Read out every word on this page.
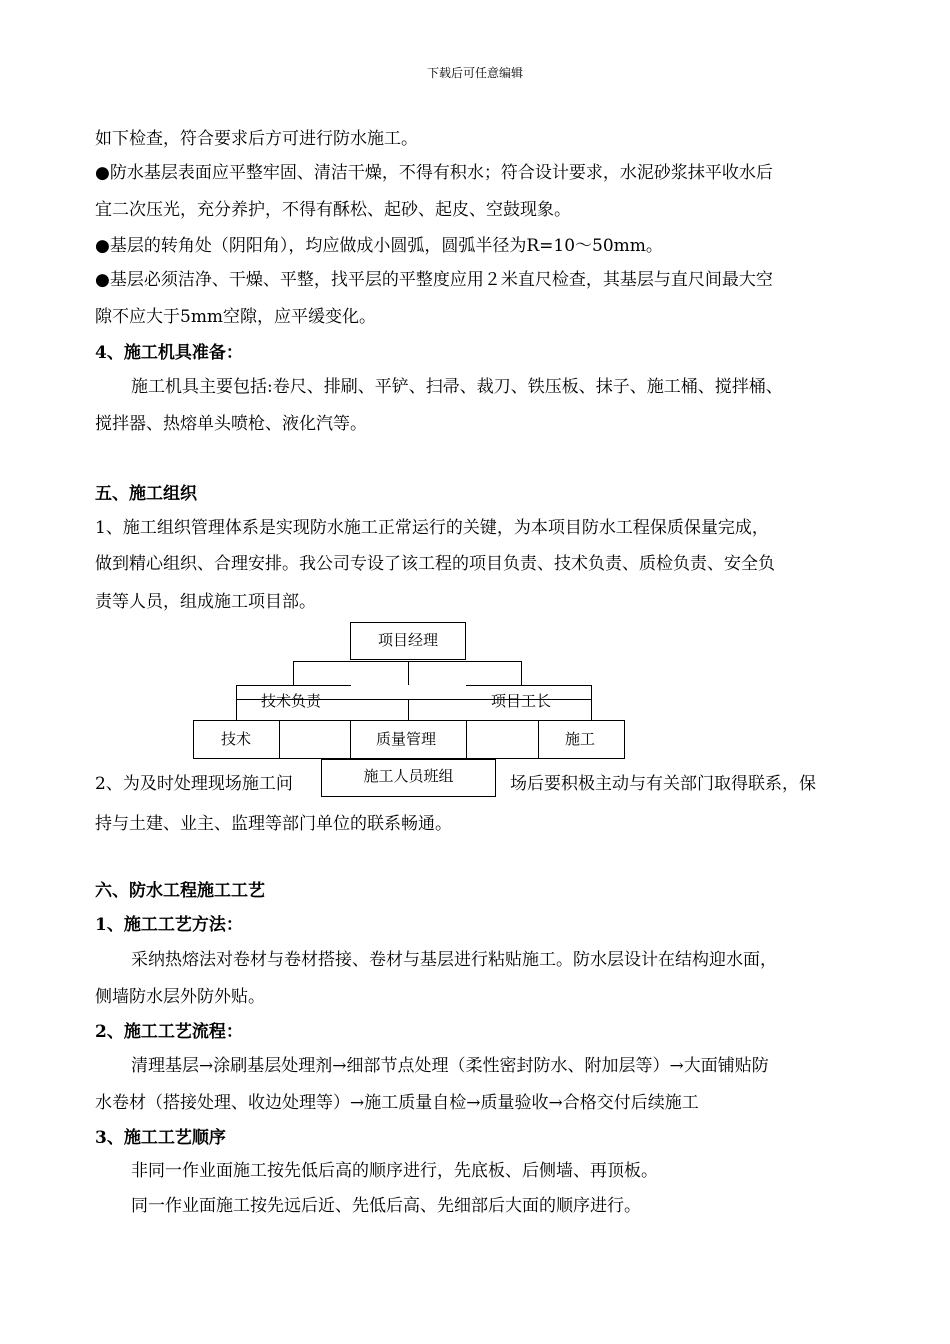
下载后可任意编辑
如下检查，符合要求后方可进行防水施工。
●防水基层表面应平整牢固、清洁干燥，不得有积水；符合设计要求，水泥砂浆抹平收水后
宜二次压光，充分养护，不得有酥松、起砂、起皮、空鼓现象。
●基层的转角处（阴阳角），均应做成小圆弧，圆弧半径为R=10～50mm。
●基层必须洁净、干燥、平整，找平层的平整度应用２米直尺检查，其基层与直尺间最大空
隙不应大于5mm空隙，应平缓变化。
4、施工机具准备：
施工机具主要包括:卷尺、排刷、平铲、扫帚、裁刀、铁压板、抹子、施工桶、搅拌桶、
搅拌器、热熔单头喷枪、液化汽等。
五、施工组织
1、施工组织管理体系是实现防水施工正常运行的关键，为本项目防水工程保质保量完成，
做到精心组织、合理安排。我公司专设了该工程的项目负责、技术负责、质检负责、安全负
责等人员，组成施工项目部。
项目经理
技术负责	项目工长
技术	质量管理	施工
施工人员班组
2、为及时处理现场施工问	场后要积极主动与有关部门取得联系，保
持与土建、业主、监理等部门单位的联系畅通。
六、防水工程施工工艺
1、施工工艺方法：
采纳热熔法对卷材与卷材搭接、卷材与基层进行粘贴施工。防水层设计在结构迎水面，
侧墙防水层外防外贴。
2、施工工艺流程：
清理基层→涂刷基层处理剂→细部节点处理（柔性密封防水、附加层等）→大面铺贴防
水卷材（搭接处理、收边处理等）→施工质量自检→质量验收→合格交付后续施工
3、施工工艺顺序
非同一作业面施工按先低后高的顺序进行，先底板、后侧墙、再顶板。
同一作业面施工按先远后近、先低后高、先细部后大面的顺序进行。
